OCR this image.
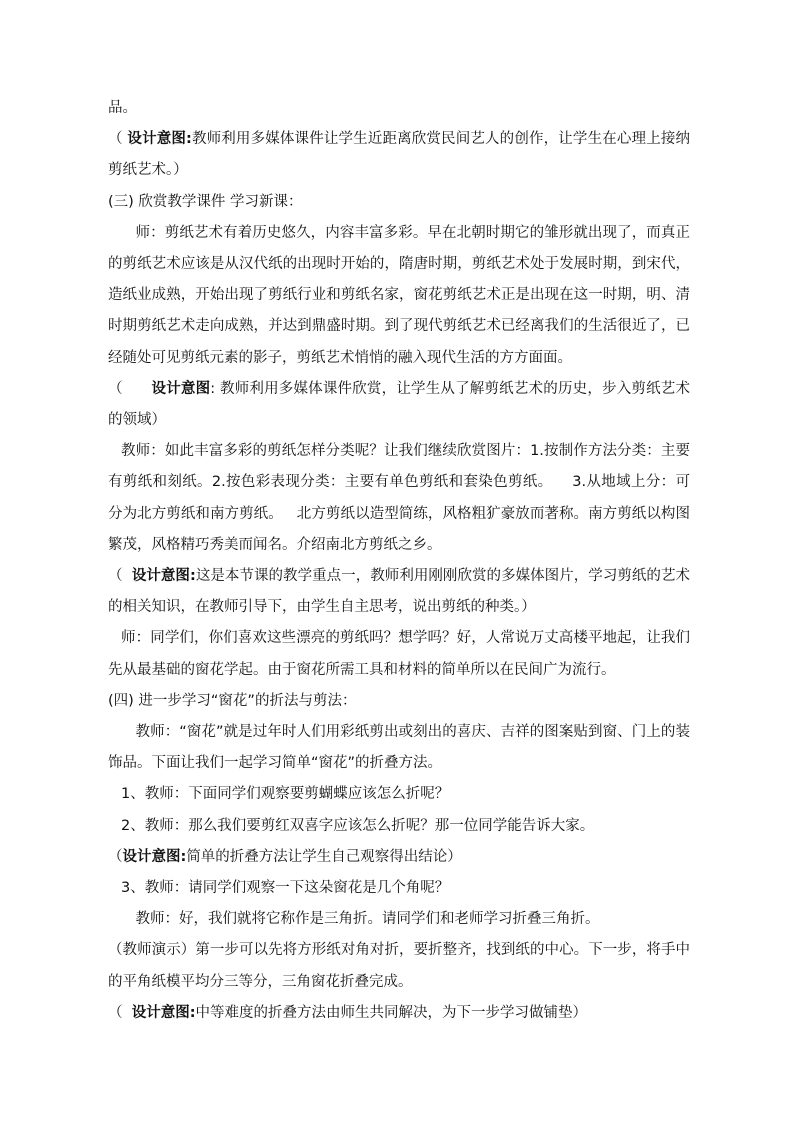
品。

（ 设计意图:教师利用多媒体课件让学生近距离欣赏民间艺人的创作，让学生在心理上接纳剪纸艺术。）

(三) 欣赏教学课件 学习新课：

师：剪纸艺术有着历史悠久，内容丰富多彩。早在北朝时期它的雏形就出现了，而真正的剪纸艺术应该是从汉代纸的出现时开始的，隋唐时期，剪纸艺术处于发展时期，到宋代，造纸业成熟，开始出现了剪纸行业和剪纸名家，窗花剪纸艺术正是出现在这一时期，明、清时期剪纸艺术走向成熟，并达到鼎盛时期。到了现代剪纸艺术已经离我们的生活很近了，已经随处可见剪纸元素的影子，剪纸艺术悄悄的融入现代生活的方方面面。

（      设计意图: 教师利用多媒体课件欣赏，让学生从了解剪纸艺术的历史，步入剪纸艺术的领域）

教师：如此丰富多彩的剪纸怎样分类呢？让我们继续欣赏图片：1.按制作方法分类：主要有剪纸和刻纸。2.按色彩表现分类：主要有单色剪纸和套染色剪纸。    3.从地域上分：可分为北方剪纸和南方剪纸。   北方剪纸以造型简练，风格粗犷豪放而著称。南方剪纸以构图繁茂，风格精巧秀美而闻名。介绍南北方剪纸之乡。

（  设计意图:这是本节课的教学重点一，教师利用刚刚欣赏的多媒体图片，学习剪纸的艺术的相关知识，在教师引导下，由学生自主思考，说出剪纸的种类。）

师：同学们，你们喜欢这些漂亮的剪纸吗？想学吗？好，人常说万丈高楼平地起，让我们先从最基础的窗花学起。由于窗花所需工具和材料的简单所以在民间广为流行。

(四) 进一步学习“窗花”的折法与剪法：

教师：“窗花”就是过年时人们用彩纸剪出或刻出的喜庆、吉祥的图案贴到窗、门上的装饰品。下面让我们一起学习简单“窗花”的折叠方法。

1、教师：下面同学们观察要剪蝴蝶应该怎么折呢？

2、教师：那么我们要剪红双喜字应该怎么折呢？那一位同学能告诉大家。

（设计意图:简单的折叠方法让学生自己观察得出结论）

3、教师：请同学们观察一下这朵窗花是几个角呢？

教师：好，我们就将它称作是三角折。请同学们和老师学习折叠三角折。

（教师演示）第一步可以先将方形纸对角对折，要折整齐，找到纸的中心。下一步，将手中的平角纸模平均分三等分，三角窗花折叠完成。

（  设计意图:中等难度的折叠方法由师生共同解决，为下一步学习做铺垫）
